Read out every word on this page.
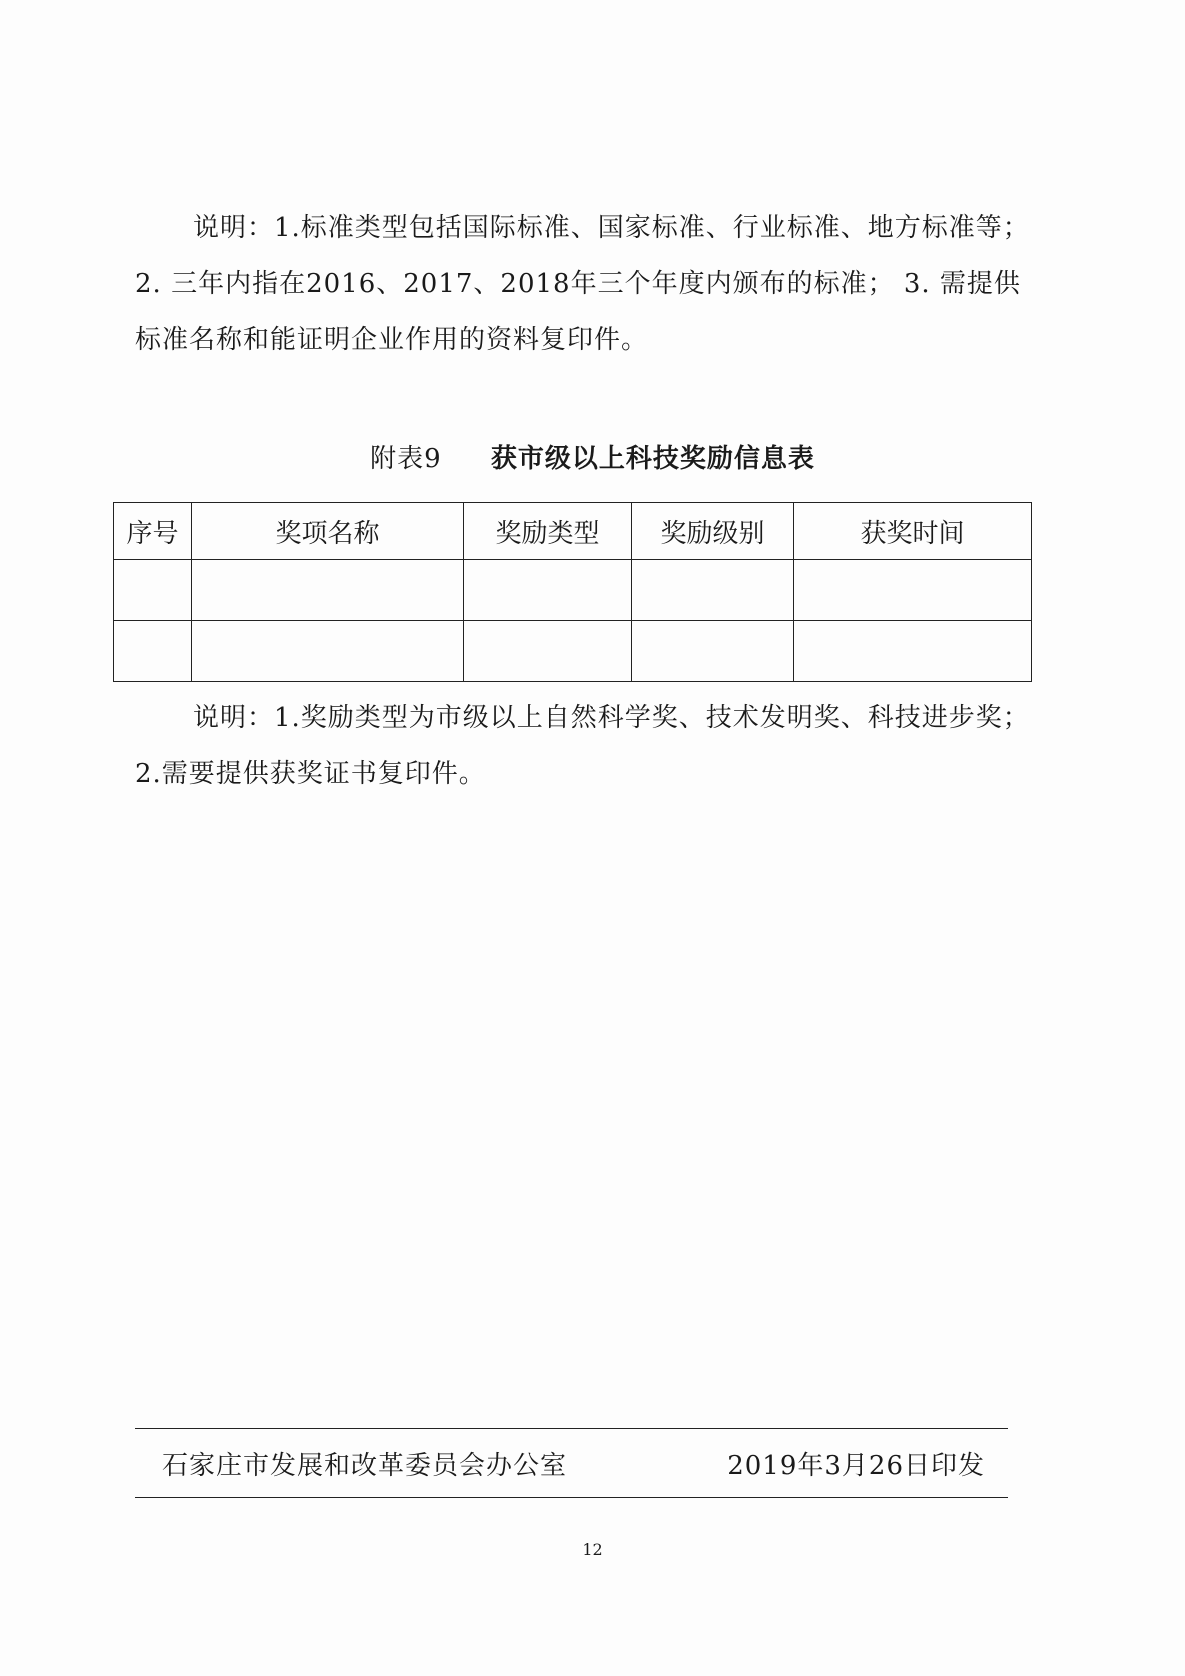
说明：1.标准类型包括国际标准、国家标准、行业标准、地方标准等；
2. 三年内指在2016、2017、2018年三个年度内颁布的标准； 3. 需提供
标准名称和能证明企业作用的资料复印件。
附表9 获市级以上科技奖励信息表
序号	奖项名称	奖励类型	奖励级别	获奖时间

说明：1.奖励类型为市级以上自然科学奖、技术发明奖、科技进步奖；
2.需要提供获奖证书复印件。
石家庄市发展和改革委员会办公室	2019年3月26日印发
12
